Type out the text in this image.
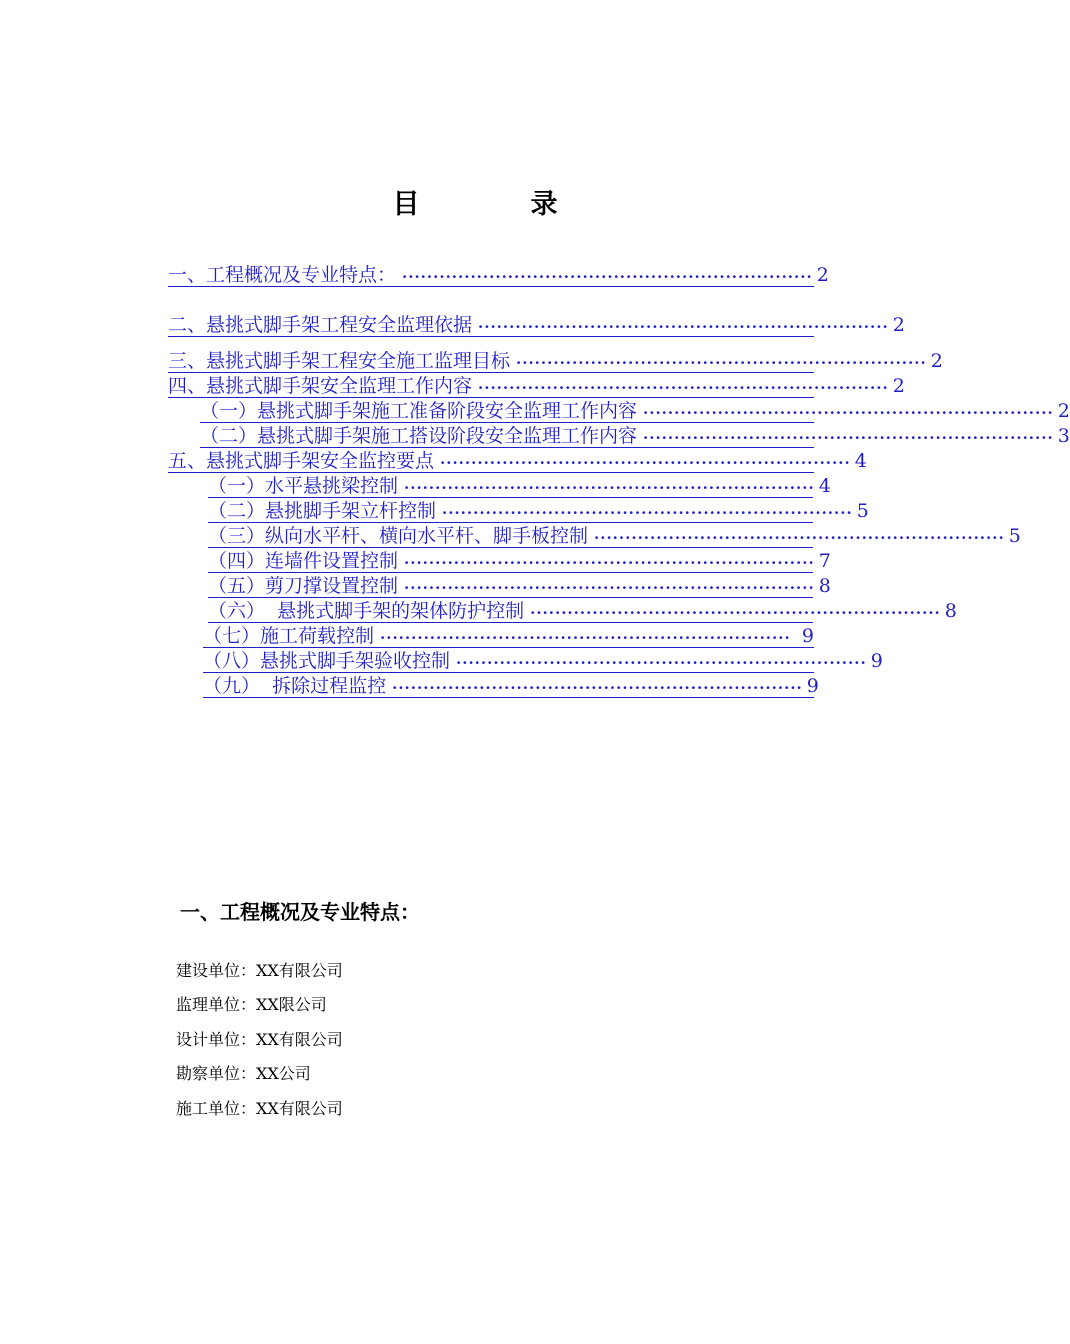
目　录
一、工程概况及专业特点： ·································································· 2
二、悬挑式脚手架工程安全监理依据 ·································································· 2
三、悬挑式脚手架工程安全施工监理目标 ·································································· 2
四、悬挑式脚手架安全监理工作内容 ·································································· 2
（一）悬挑式脚手架施工准备阶段安全监理工作内容 ·································································· 2
（二）悬挑式脚手架施工搭设阶段安全监理工作内容 ·································································· 3
五、悬挑式脚手架安全监控要点 ·································································· 4
（一）水平悬挑梁控制 ·································································· 4
（二）悬挑脚手架立杆控制 ·································································· 5
（三）纵向水平杆、横向水平杆、脚手板控制 ·································································· 5
（四）连墙件设置控制 ·································································· 7
（五）剪刀撑设置控制 ·································································· 8
（六）  悬挑式脚手架的架体防护控制 ·································································· 8
（七）施工荷载控制 ·································································· 9
（八）悬挑式脚手架验收控制 ·································································· 9
（九）  拆除过程监控 ·································································· 9
一、工程概况及专业特点：
建设单位：XX有限公司
监理单位：XX限公司
设计单位：XX有限公司
勘察单位：XX公司
施工单位：XX有限公司
